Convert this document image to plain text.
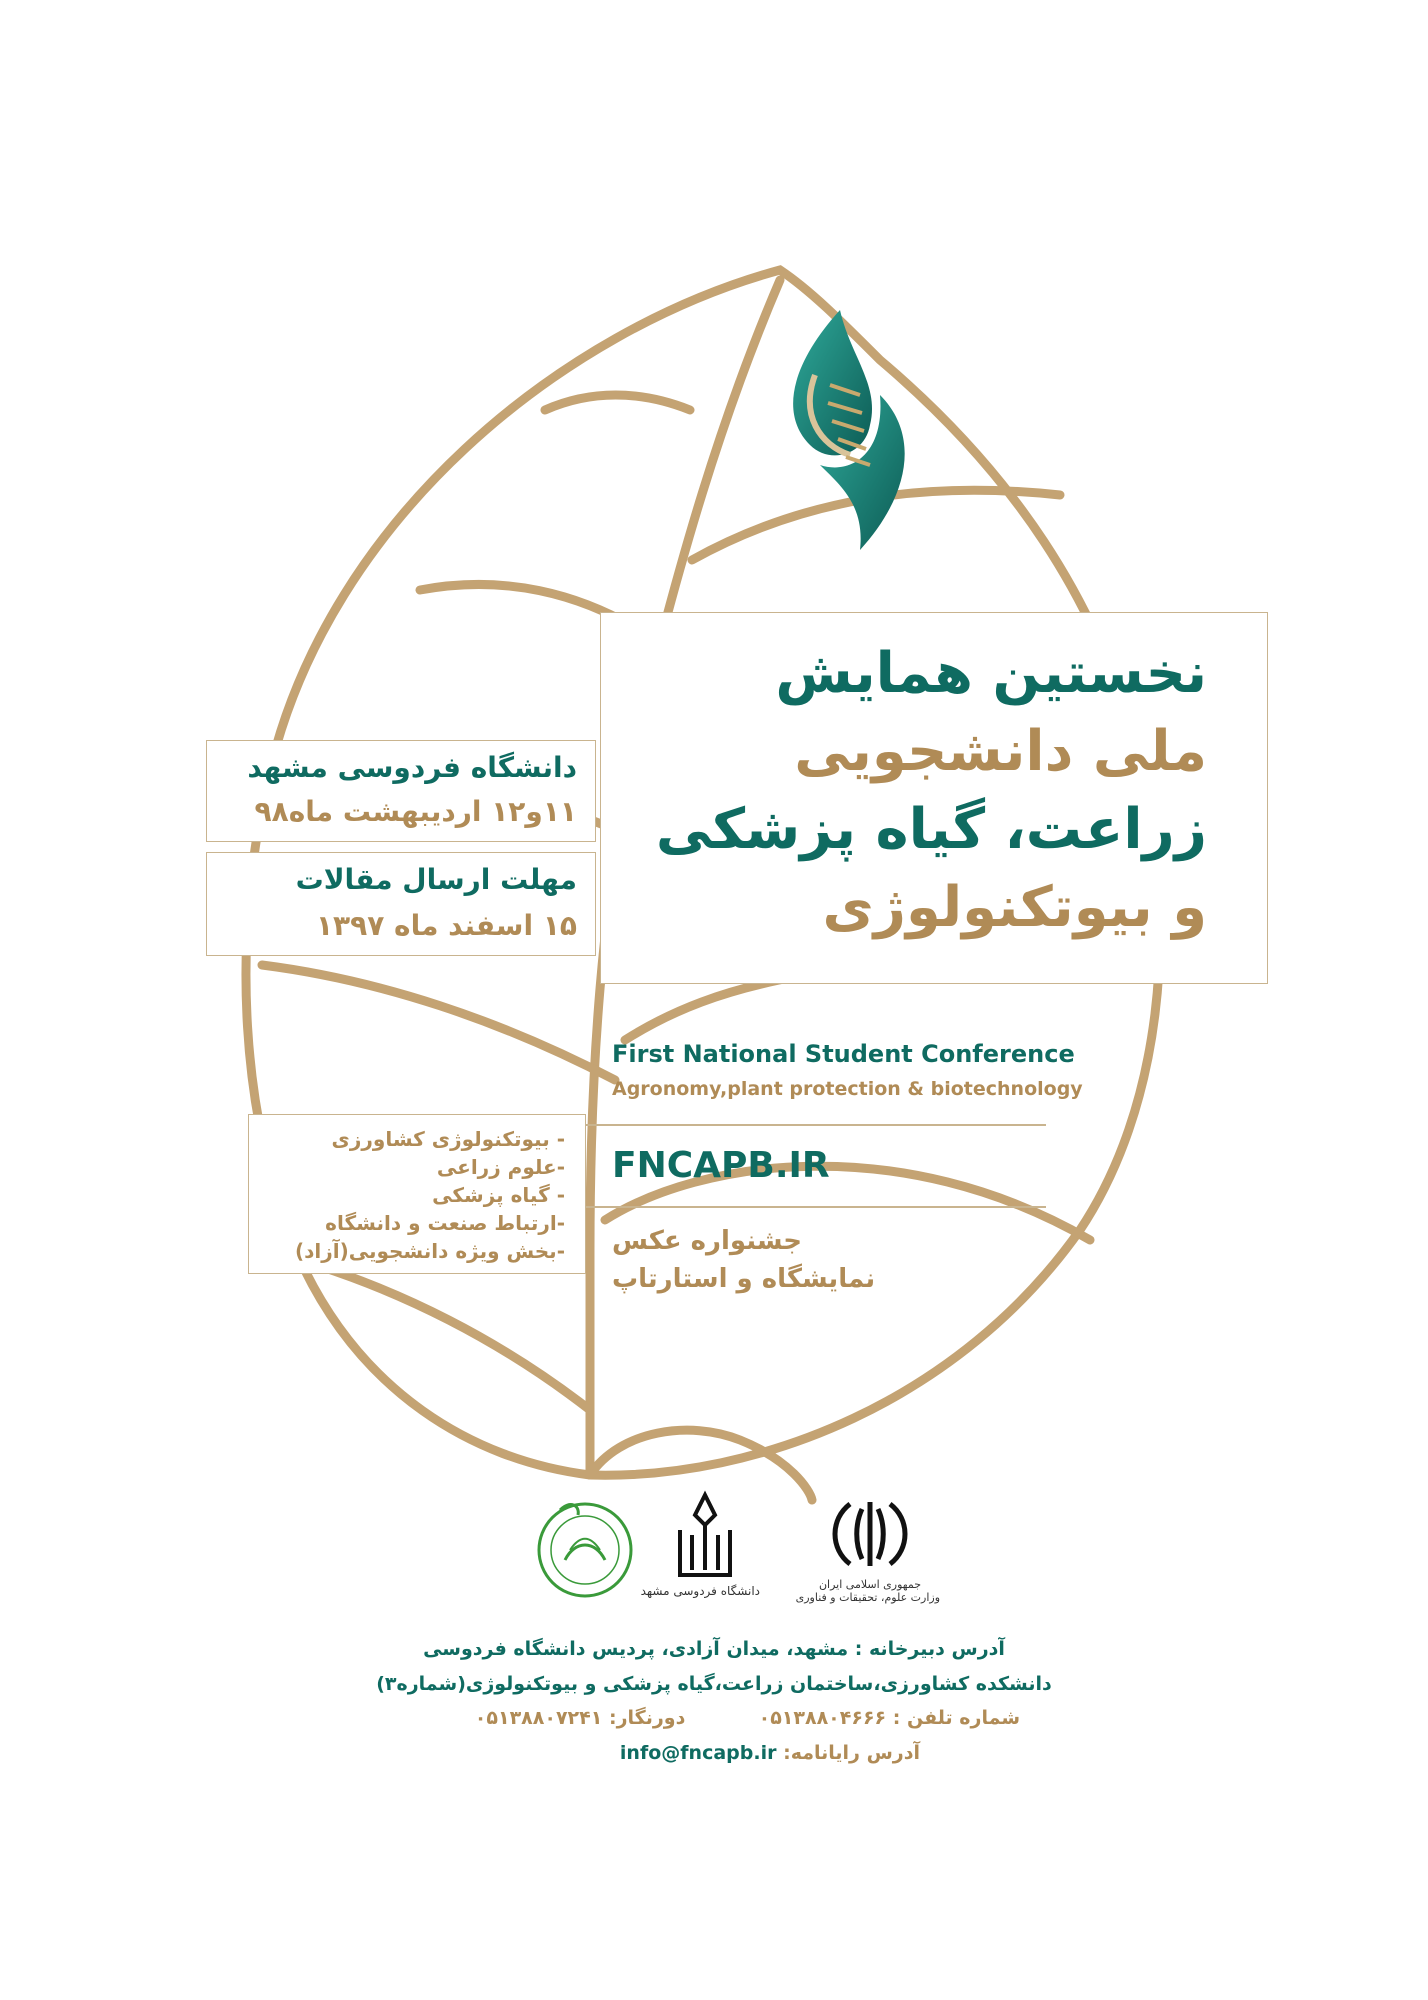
نخستین همایش
ملی دانشجویی
زراعت، گیاه پزشکی
و بیوتکنولوژی
دانشگاه فردوسی مشهد
۱۱و۱۲ اردیبهشت ماه۹۸
مهلت ارسال مقالات
۱۵ اسفند ماه ۱۳۹۷
First National Student Conference
Agronomy,plant protection & biotechnology
FNCAPB.IR
- بیوتکنولوژی کشاورزی
-علوم زراعی
- گیاه پزشکی
-ارتباط صنعت و دانشگاه
-بخش ویژه دانشجویی(آزاد) جشنواره عکس
نمایشگاه و استارتاپ
جمهوری اسلامی ایران
وزارت علوم، تحقیقات و فناوری
دانشگاه فردوسی مشهد
آدرس دبیرخانه : مشهد، میدان آزادی، پردیس دانشگاه فردوسی
دانشکده کشاورزی،ساختمان زراعت،گیاه پزشکی و بیوتکنولوژی(شماره۳)
شماره تلفن : ۰۵۱۳۸۸۰۴۶۶۶  دورنگار: ۰۵۱۳۸۸۰۷۲۴۱
آدرس رایانامه: info@fncapb.ir
